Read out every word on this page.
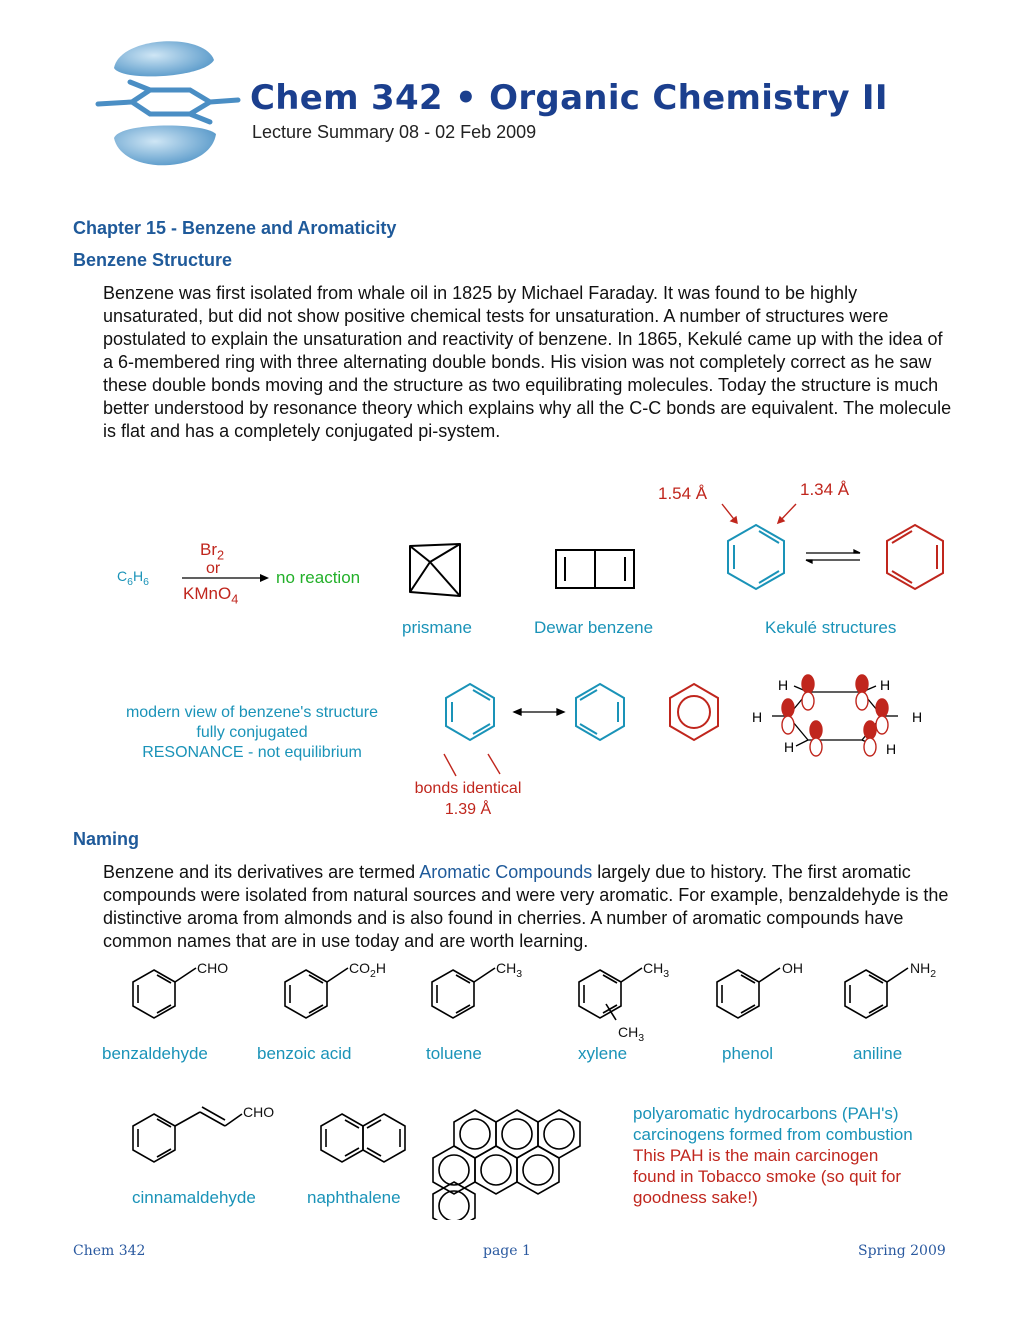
Chem 342 • Organic Chemistry II
Lecture Summary 08 - 02 Feb 2009
Chapter 15 - Benzene and Aromaticity
Benzene Structure
Benzene was first isolated from whale oil in 1825 by Michael Faraday. It was found to be highly unsaturated, but did not show positive chemical tests for unsaturation. A number of structures were postulated to explain the unsaturation and reactivity of benzene. In 1865, Kekulé came up with the idea of a 6-membered ring with three alternating double bonds. His vision was not completely correct as he saw these double bonds moving and the structure as two equilibrating molecules. Today the structure is much better understood by resonance theory which explains why all the C-C bonds are equivalent. The molecule is flat and has a completely conjugated pi-system.
1.54 Å	1.34 Å
$Br_2$
or
KMnO$_4$
$C_6H_6$	no reaction
prismane	Dewar benzene	Kekulé structures
modern view of benzene's structure
fully conjugated
RESONANCE - not equilibrium
H	H
H	H
H	H
bonds identical
1.39 Å
Naming
Benzene and its derivatives are termed Aromatic Compounds largely due to history. The first aromatic compounds were isolated from natural sources and were very aromatic. For example, benzaldehyde is the distinctive aroma from almonds and is also found in cherries. A number of aromatic compounds have common names that are in use today and are worth learning.
CHO	$CO_2H$	$CH_3$	$CH_3$
$CH_3$
OH	$NH_2$
benzaldehyde	benzoic acid	toluene	xylene	phenol	aniline
CHO
cinnamaldehyde	naphthalene
polyaromatic hydrocarbons (PAH's)
carcinogens formed from combustion
This PAH is the main carcinogen
found in Tobacco smoke (so quit for
goodness sake!)
Chem 342	page 1	Spring 2009
